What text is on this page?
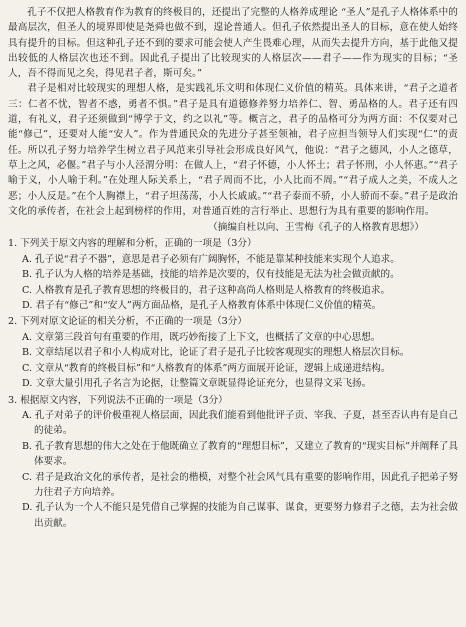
孔子不仅把人格教育作为教育的终极目的，还提出了完整的人格养成理论 “圣人”是孔子人格体系中的最高层次，但圣人的境界即使是尧舜也做不到，遑论普通人。但孔子依然提出圣人的目标，意在使人始终具有提升的目标。但这种孔子还不到的要求可能会使人产生畏难心理，从而失去提升方向，基于此他又提出较低的人格层次也还不到。因此孔子提出了比较现实的人格层次——君子——作为现实的目标；“圣人，吾不得而见之矣，得见君子者，斯可矣。”

君子是相对比较现实的理想人格，是实践礼乐文明和体现仁义价值的精英。具体来讲，“君子之道者三：仁者不忧，智者不惑，勇者不惧。”君子是具有道德修养努力培养仁、智、勇品格的人。君子还有四道，有礼义，君子还须做到“博学于文，约之以礼”等。概言之，君子的品格可分为两方面：不仅要对己能“修己”，还要对人能“安人”。作为普通民众的先进分子甚至领袖，君子应担当领导人们实现“仁”的责任。所以孔子努力培养学生树立君子风范来引导社会形成良好风气，他说：“君子之德风，小人之德草，草上之风，必偃。”君子与小人泾渭分明：在做人上，“君子怀德，小人怀土；君子怀刑，小人怀惠。”“君子喻于义，小人喻于利。”在处理人际关系上，“君子周而不比，小人比而不周。”“君子成人之美，不成人之恶；小人反是。”在个人胸襟上，“君子坦荡荡，小人长戚戚。”“君子泰而不骄，小人骄而不泰。”君子是政治文化的承传者，在社会上起到榜样的作用，对普通百姓的言行举止、思想行为具有重要的影响作用。

（摘编自杜以向、王雪梅《孔子的人格教育思想》）

1. 下列关于原文内容的理解和分析，正确的一项是（3分）

A. 孔子说“君子不器”，意思是君子必须有广阔胸怀，不能是靠某种技能来实现个人追求。

B. 孔子认为人格的培养是基础，技能的培养是次要的，仅有技能是无法为社会做贡献的。

C. 人格教育是孔子教育思想的终极目的，君子这种高尚人格则是人格教育的终极追求。

D. 君子有“修己”和“安人”两方面品格，是孔子人格教育体系中体现仁义价值的精英。

2. 下列对原文论证的相关分析，不正确的一项是（3分）

A. 文章第三段首句有重要的作用，既巧妙衔接了上下文，也概括了文章的中心思想。

B. 文章结尾以君子和小人构成对比，论证了君子是孔子比较客观现实的理想人格层次目标。

C. 文章从“教育的终极目标”和“人格教育的体系”两方面展开论证，逻辑上成递进结构。

D. 文章大量引用孔子名言为论据，让整篇文章既显得论证充分，也显得文采飞扬。

3. 根据原文内容，下列说法不正确的一项是（3分）

A. 孔子对弟子的评价极重视人格层面，因此我们能看到他批评子贡、宰我、子夏，甚至否认冉有是自己的徒弟。

B. 孔子教育思想的伟大之处在于他既确立了教育的“理想目标”，又建立了教育的“现实目标”并阐释了具体要求。

C. 君子是政治文化的承传者，是社会的楷模，对整个社会风气具有重要的影响作用，因此孔子把弟子努力往君子方向培养。

D. 孔子认为一个人不能只是凭借自己掌握的技能为自己谋事、谋食，更要努力修君子之德，去为社会做出贡献。
